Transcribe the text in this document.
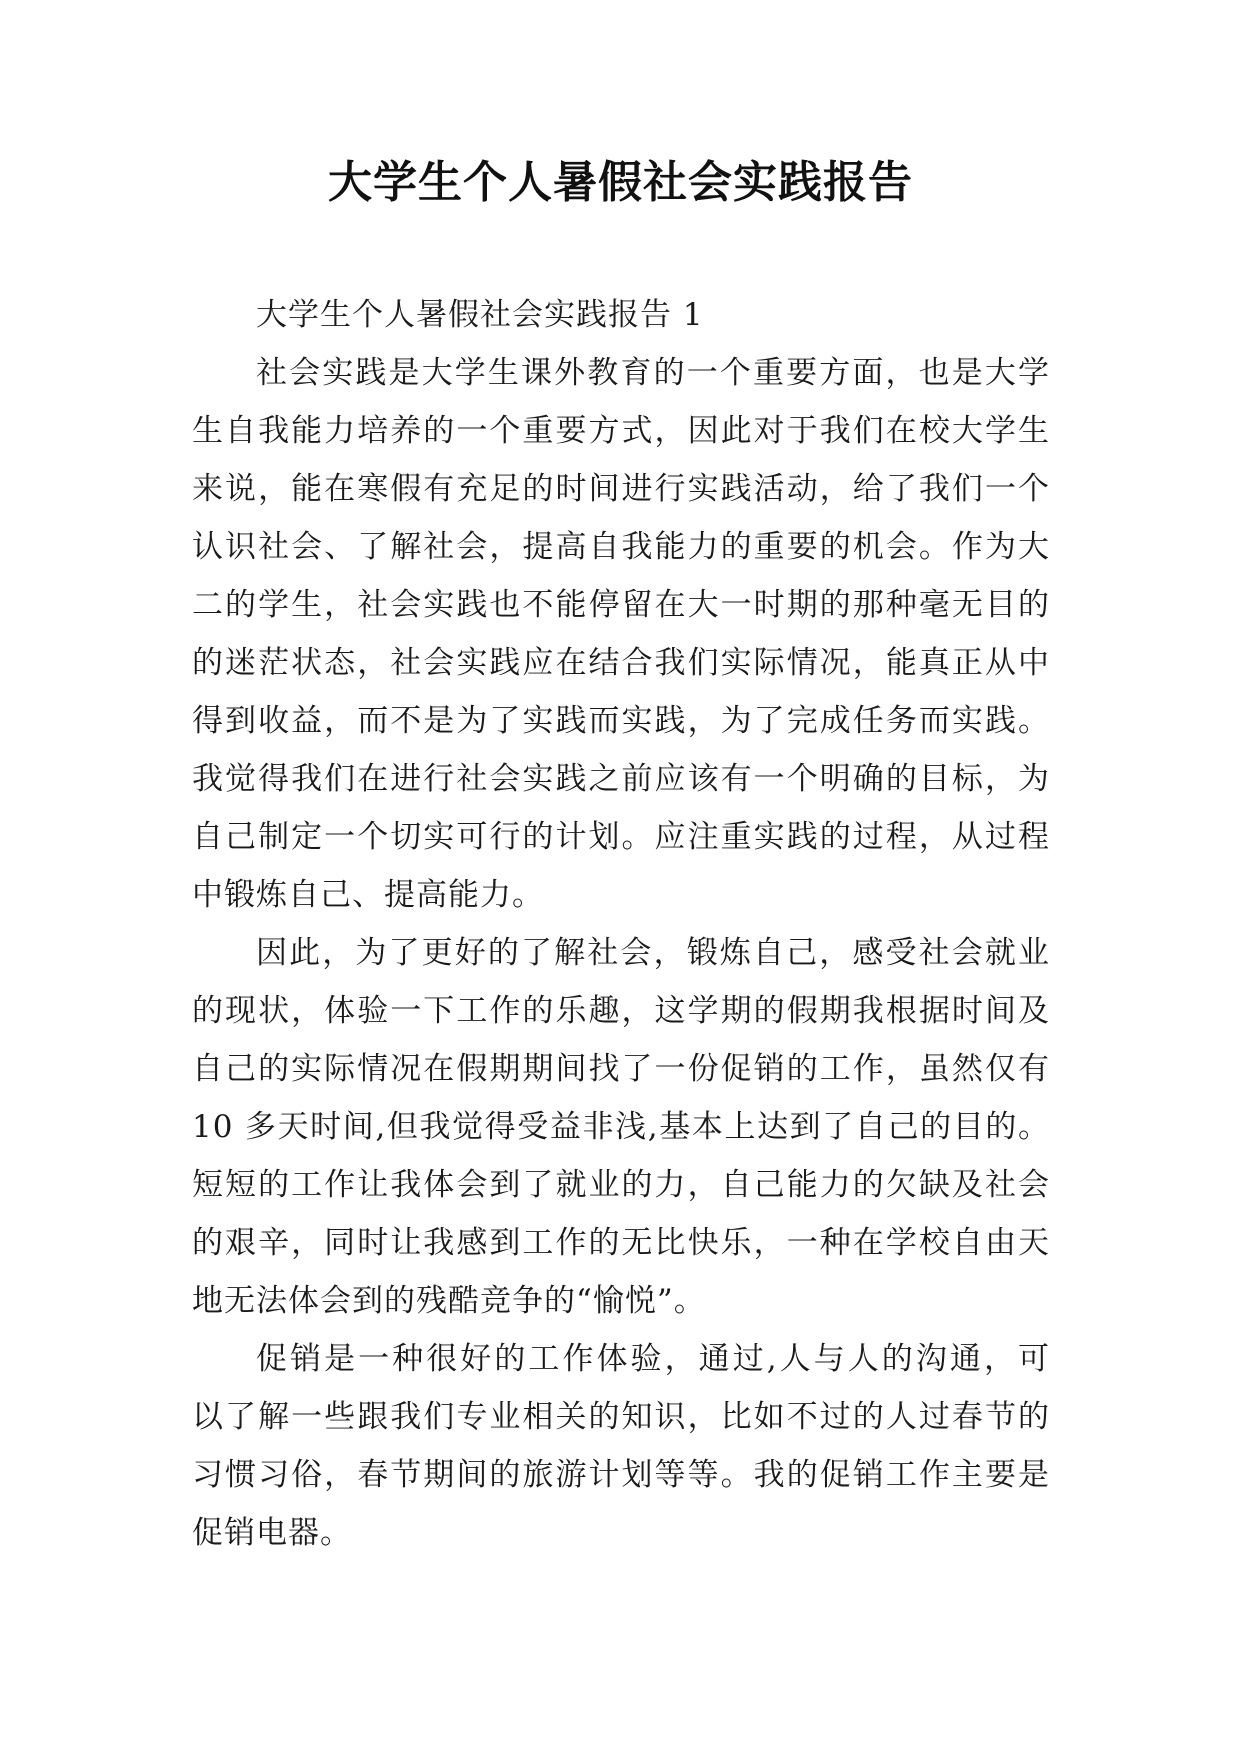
大学生个人暑假社会实践报告
大学生个人暑假社会实践报告 1
社会实践是大学生课外教育的一个重要方面，也是大学
生自我能力培养的一个重要方式，因此对于我们在校大学生
来说，能在寒假有充足的时间进行实践活动，给了我们一个
认识社会、了解社会，提高自我能力的重要的机会。作为大
二的学生，社会实践也不能停留在大一时期的那种毫无目的
的迷茫状态，社会实践应在结合我们实际情况，能真正从中
得到收益，而不是为了实践而实践，为了完成任务而实践。
我觉得我们在进行社会实践之前应该有一个明确的目标，为
自己制定一个切实可行的计划。应注重实践的过程，从过程
中锻炼自己、提高能力。
因此，为了更好的了解社会，锻炼自己，感受社会就业
的现状，体验一下工作的乐趣，这学期的假期我根据时间及
自己的实际情况在假期期间找了一份促销的工作，虽然仅有
10 多天时间,但我觉得受益非浅,基本上达到了自己的目的。
短短的工作让我体会到了就业的力，自己能力的欠缺及社会
的艰辛，同时让我感到工作的无比快乐，一种在学校自由天
地无法体会到的残酷竞争的“愉悦”。
促销是一种很好的工作体验，通过,人与人的沟通，可
以了解一些跟我们专业相关的知识，比如不过的人过春节的
习惯习俗，春节期间的旅游计划等等。我的促销工作主要是
促销电器。
